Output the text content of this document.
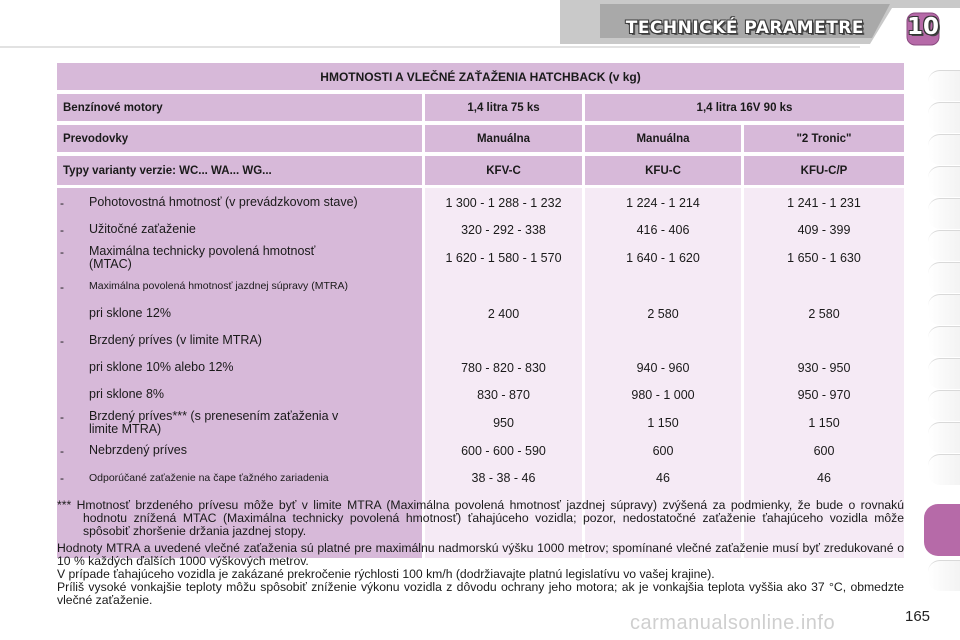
TECHNICKÉ PARAMETRE 10
HMOTNOSTI A VLEČNÉ ZAŤAŽENIA HATCHBACK (v kg)
Benzínové motory	1,4 litra 75 ks	1,4 litra 16V 90 ks
Prevodovky	Manuálna	Manuálna	"2 Tronic"
Typy varianty verzie: WC... WA... WG...	KFV-C	KFU-C	KFU-C/P
- Pohotovostná hmotnosť (v prevádzkovom stave)	1 300 - 1 288 - 1 232	1 224 - 1 214	1 241 - 1 231
- Užitočné zaťaženie	320 - 292 - 338	416 - 406	409 - 399
- Maximálna technicky povolená hmotnosť
(MTAC)	1 620 - 1 580 - 1 570	1 640 - 1 620	1 650 - 1 630
- Maximálna povolená hmotnosť jazdnej súpravy (MTRA)
pri sklone 12%	2 400	2 580	2 580
- Brzdený príves (v limite MTRA)
pri sklone 10% alebo 12%	780 - 820 - 830	940 - 960	930 - 950
pri sklone 8%	830 - 870	980 - 1 000	950 - 970
- Brzdený príves*** (s prenesením zaťaženia v
limite MTRA)	950	1 150	1 150
- Nebrzdený príves	600 - 600 - 590	600	600
- Odporúčané zaťaženie na čape ťažného zariadenia	38 - 38 - 46	46	46
*** Hmotnosť brzdeného prívesu môže byť v limite MTRA (Maximálna povolená hmotnosť jazdnej súpravy) zvýšená za podmienky, že bude o rovnakú hodnotu znížená MTAC (Maximálna technicky povolená hmotnosť) ťahajúceho vozidla; pozor, nedostatočné zaťaženie ťahajúceho vozidla môže spôsobiť zhoršenie držania jazdnej stopy.
Hodnoty MTRA a uvedené vlečné zaťaženia sú platné pre maximálnu nadmorskú výšku 1000 metrov; spomínané vlečné zaťaženie musí byť zredukované o 10 % každých ďalších 1000 výškových metrov.
V prípade ťahajúceho vozidla je zakázané prekročenie rýchlosti 100 km/h (dodržiavajte platnú legislatívu vo vašej krajine).
Príliš vysoké vonkajšie teploty môžu spôsobiť zníženie výkonu vozidla z dôvodu ochrany jeho motora; ak je vonkajšia teplota vyššia ako 37 °C, obmedzte vlečné zaťaženie.
carmanualsonline.info	165
